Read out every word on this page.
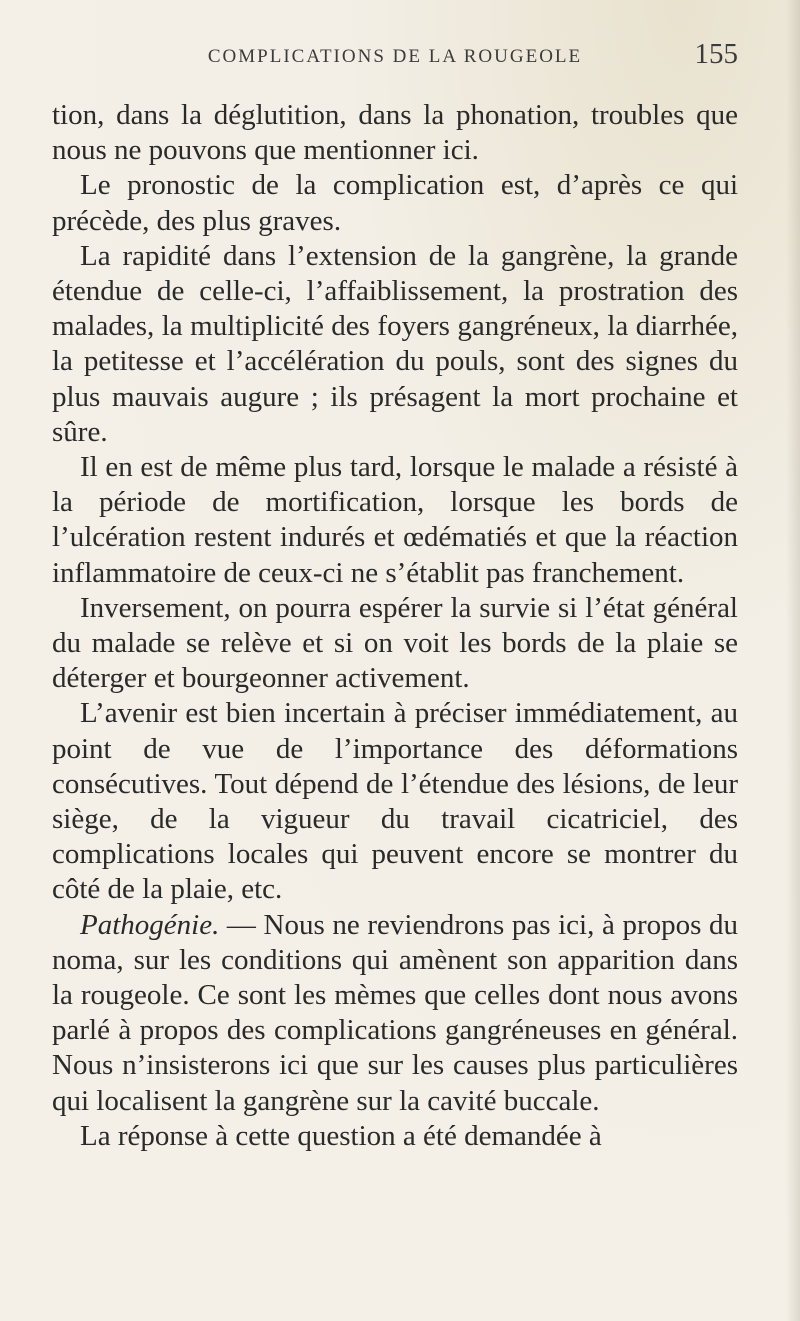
COMPLICATIONS DE LA ROUGEOLE	155

tion, dans la déglutition, dans la phonation, troubles que nous ne pouvons que mentionner ici.

Le pronostic de la complication est, d’après ce qui précède, des plus graves.

La rapidité dans l’extension de la gangrène, la grande étendue de celle-ci, l’affaiblissement, la prostration des malades, la multiplicité des foyers gangréneux, la diarrhée, la petitesse et l’accélération du pouls, sont des signes du plus mauvais augure ; ils présagent la mort prochaine et sûre.

Il en est de même plus tard, lorsque le malade a résisté à la période de mortification, lorsque les bords de l’ulcération restent indurés et œdématiés et que la réaction inflammatoire de ceux-ci ne s’établit pas franchement.

Inversement, on pourra espérer la survie si l’état général du malade se relève et si on voit les bords de la plaie se déterger et bourgeonner activement.

L’avenir est bien incertain à préciser immédiatement, au point de vue de l’importance des déformations consécutives. Tout dépend de l’étendue des lésions, de leur siège, de la vigueur du travail cicatriciel, des complications locales qui peuvent encore se montrer du côté de la plaie, etc.

Pathogénie. — Nous ne reviendrons pas ici, à propos du noma, sur les conditions qui amènent son apparition dans la rougeole. Ce sont les mèmes que celles dont nous avons parlé à propos des complications gangréneuses en général. Nous n’insisterons ici que sur les causes plus particulières qui localisent la gangrène sur la cavité buccale.

La réponse à cette question a été demandée à
